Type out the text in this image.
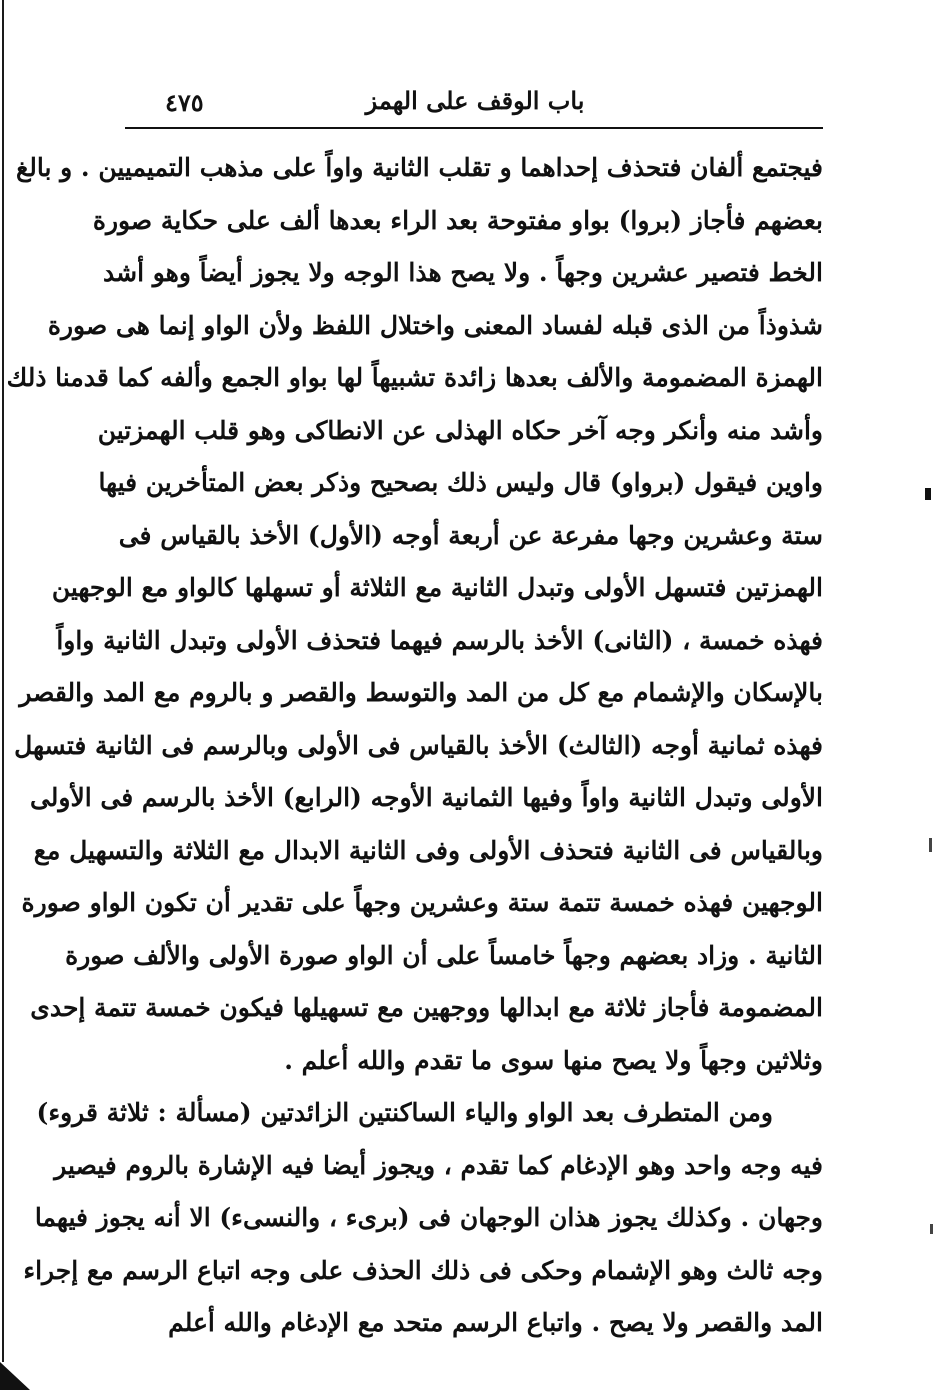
٤٧٥	باب الوقف على الهمز
فيجتمع ألفان فتحذف إحداهما و تقلب الثانية واواً على مذهب التميميين . و بالغ
بعضهم فأجاز (بروا) بواو مفتوحة بعد الراء بعدها ألف على حكاية صورة
الخط فتصير عشرين وجهاً . ولا يصح هذا الوجه ولا يجوز أيضاً وهو أشد
شذوذاً من الذى قبله لفساد المعنى واختلال اللفظ ولأن الواو إنما هى صورة
الهمزة المضمومة والألف بعدها زائدة تشبيهاً لها بواو الجمع وألفه كما قدمنا ذلك
وأشد منه وأنكر وجه آخر حكاه الهذلى عن الانطاكى وهو قلب الهمزتين
واوين فيقول (برواو) قال وليس ذلك بصحيح وذكر بعض المتأخرين فيها
ستة وعشرين وجها مفرعة عن أربعة أوجه (الأول) الأخذ بالقياس فى
الهمزتين فتسهل الأولى وتبدل الثانية مع الثلاثة أو تسهلها كالواو مع الوجهين
فهذه خمسة ، (الثانى) الأخذ بالرسم فيهما فتحذف الأولى وتبدل الثانية واواً
بالإسكان والإشمام مع كل من المد والتوسط والقصر و بالروم مع المد والقصر
فهذه ثمانية أوجه (الثالث) الأخذ بالقياس فى الأولى وبالرسم فى الثانية فتسهل
الأولى وتبدل الثانية واواً وفيها الثمانية الأوجه (الرابع) الأخذ بالرسم فى الأولى
وبالقياس فى الثانية فتحذف الأولى وفى الثانية الابدال مع الثلاثة والتسهيل مع
الوجهين فهذه خمسة تتمة ستة وعشرين وجهاً على تقدير أن تكون الواو صورة
الثانية . وزاد بعضهم وجهاً خامساً على أن الواو صورة الأولى والألف صورة
المضمومة فأجاز ثلاثة مع ابدالها ووجهين مع تسهيلها فيكون خمسة تتمة إحدى
وثلاثين وجهاً ولا يصح منها سوى ما تقدم والله أعلم .
ومن المتطرف بعد الواو والياء الساكنتين الزائدتين (مسألة : ثلاثة قروء)
فيه وجه واحد وهو الإدغام كما تقدم ، ويجوز أيضا فيه الإشارة بالروم فيصير
وجهان . وكذلك يجوز هذان الوجهان فى (برىء ، والنسىء) الا أنه يجوز فيهما
وجه ثالث وهو الإشمام وحكى فى ذلك الحذف على وجه اتباع الرسم مع إجراء
المد والقصر ولا يصح . واتباع الرسم متحد مع الإدغام والله أعلم
